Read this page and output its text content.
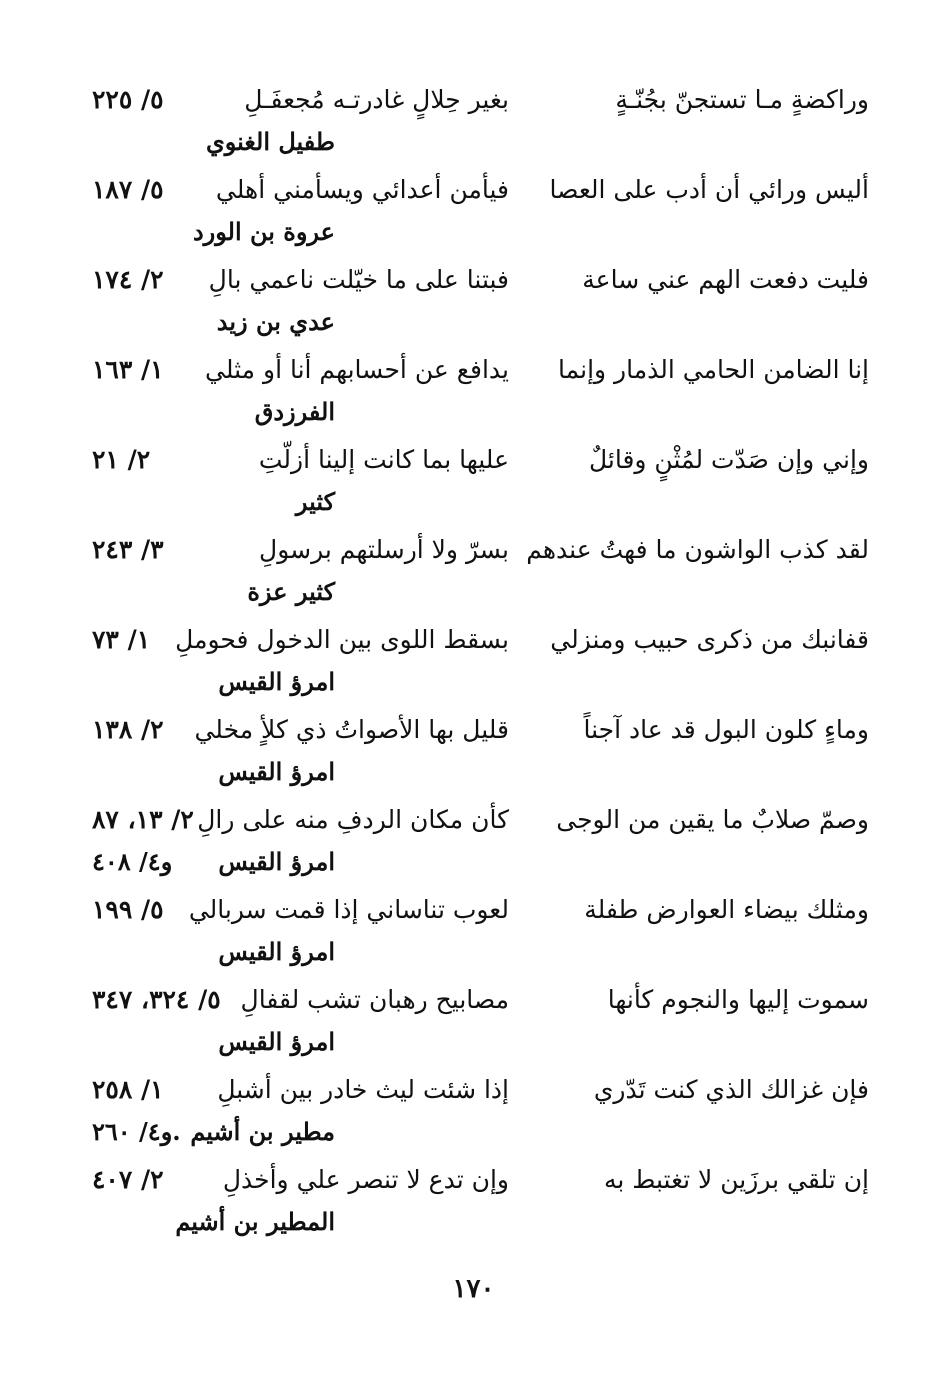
وراكضةٍ مـا تستجنّ بجُنّـةٍ
بغير حِلالٍ غادرتـه مُجعفَـلِ
٥/ ٢٢٥
طفيل الغنوي
أليس ورائي أن أدب على العصا
فيأمن أعدائي ويسأمني أهلي
٥/ ١٨٧
عروة بن الورد
فليت دفعت الهم عني ساعة
فبتنا على ما خيّلت ناعمي بالِ
٢/ ١٧٤
عدي بن زيد
إنا الضامن الحامي الذمار وإنما
يدافع عن أحسابهم أنا أو مثلي
١/ ١٦٣
الفرزدق
وإني وإن صَدّت لمُثْنٍ وقائلٌ
عليها بما كانت إلينا أزلّتِ
٢/ ٢١
كثير
لقد كذب الواشون ما فهتُ عندهم
بسرّ ولا أرسلتهم برسولِ
٣/ ٢٤٣
كثير عزة
قفانبك من ذكرى حبيب ومنزلي
بسقط اللوى بين الدخول فحوملِ
١/ ٧٣
امرؤ القيس
وماءٍ كلون البول قد عاد آجناً
قليل بها الأصواتُ ذي كلأٍ مخلي
٢/ ١٣٨
امرؤ القيس
وصمّ صلابٌ ما يقين من الوجى
كأن مكان الردفِ منه على رالِ
٢/ ١٣، ٨٧
امرؤ القيس
و٤/ ٤٠٨
ومثلك بيضاء العوارض طفلة
لعوب تناساني إذا قمت سربالي
٥/ ١٩٩
امرؤ القيس
سموت إليها والنجوم كأنها
مصابيح رهبان تشب لقفالِ
٥/ ٣٢٤، ٣٤٧
امرؤ القيس
فإن غزالك الذي كنت تَدّري
إذا شئت ليث خادر بين أشبلِ
١/ ٢٥٨
مطير بن أشيم
و٤/ ٢٦٠.
إن تلقي برزَين لا تغتبط به
وإن تدع لا تنصر علي وأخذلِ
٢/ ٤٠٧
المطير بن أشيم
١٧٠
